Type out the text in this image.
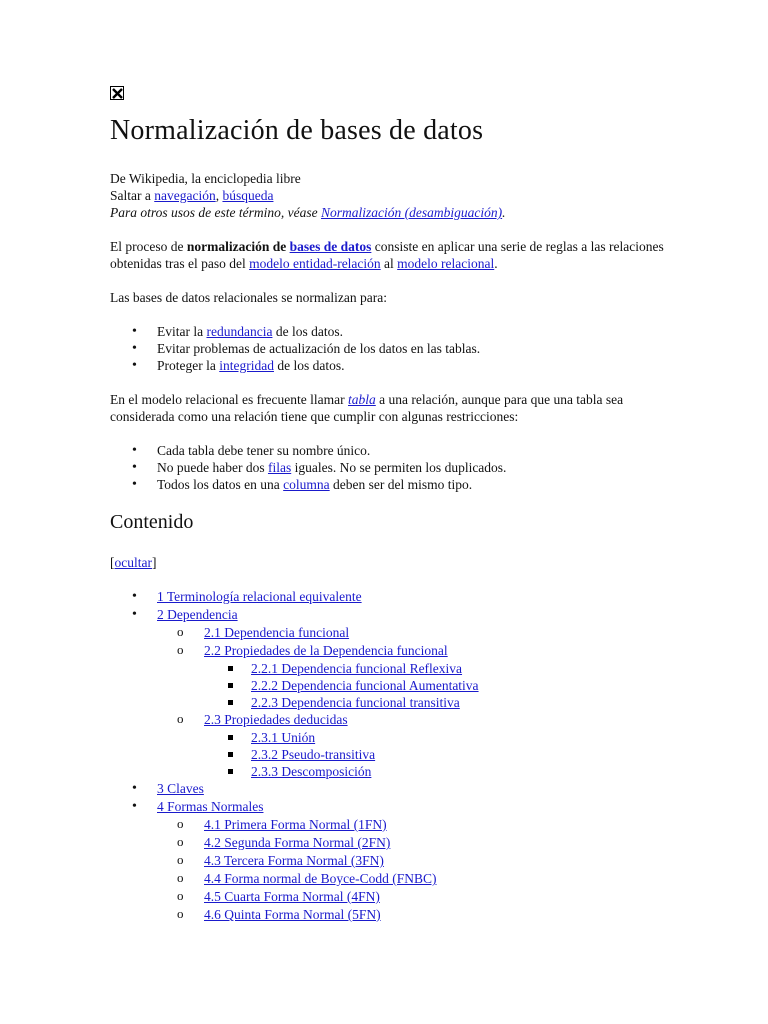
Normalización de bases de datos

De Wikipedia, la enciclopedia libre

Saltar a navegación, búsqueda

Para otros usos de este término, véase Normalización (desambiguación).

El proceso de normalización de bases de datos consiste en aplicar una serie de reglas a las relaciones obtenidas tras el paso del modelo entidad-relación al modelo relacional.

Las bases de datos relacionales se normalizan para:

• Evitar la redundancia de los datos.
• Evitar problemas de actualización de los datos en las tablas.
• Proteger la integridad de los datos.

En el modelo relacional es frecuente llamar tabla a una relación, aunque para que una tabla sea considerada como una relación tiene que cumplir con algunas restricciones:

• Cada tabla debe tener su nombre único.
• No puede haber dos filas iguales. No se permiten los duplicados.
• Todos los datos en una columna deben ser del mismo tipo.
Contenido

[ocultar]

• 1 Terminología relacional equivalente
• 2 Dependencia
o 2.1 Dependencia funcional
o 2.2 Propiedades de la Dependencia funcional
2.2.1 Dependencia funcional Reflexiva
2.2.2 Dependencia funcional Aumentativa
2.2.3 Dependencia funcional transitiva
o 2.3 Propiedades deducidas
2.3.1 Unión
2.3.2 Pseudo-transitiva
2.3.3 Descomposición
• 3 Claves
• 4 Formas Normales
o 4.1 Primera Forma Normal (1FN)
o 4.2 Segunda Forma Normal (2FN)
o 4.3 Tercera Forma Normal (3FN)
o 4.4 Forma normal de Boyce-Codd (FNBC)
o 4.5 Cuarta Forma Normal (4FN)
o 4.6 Quinta Forma Normal (5FN)
